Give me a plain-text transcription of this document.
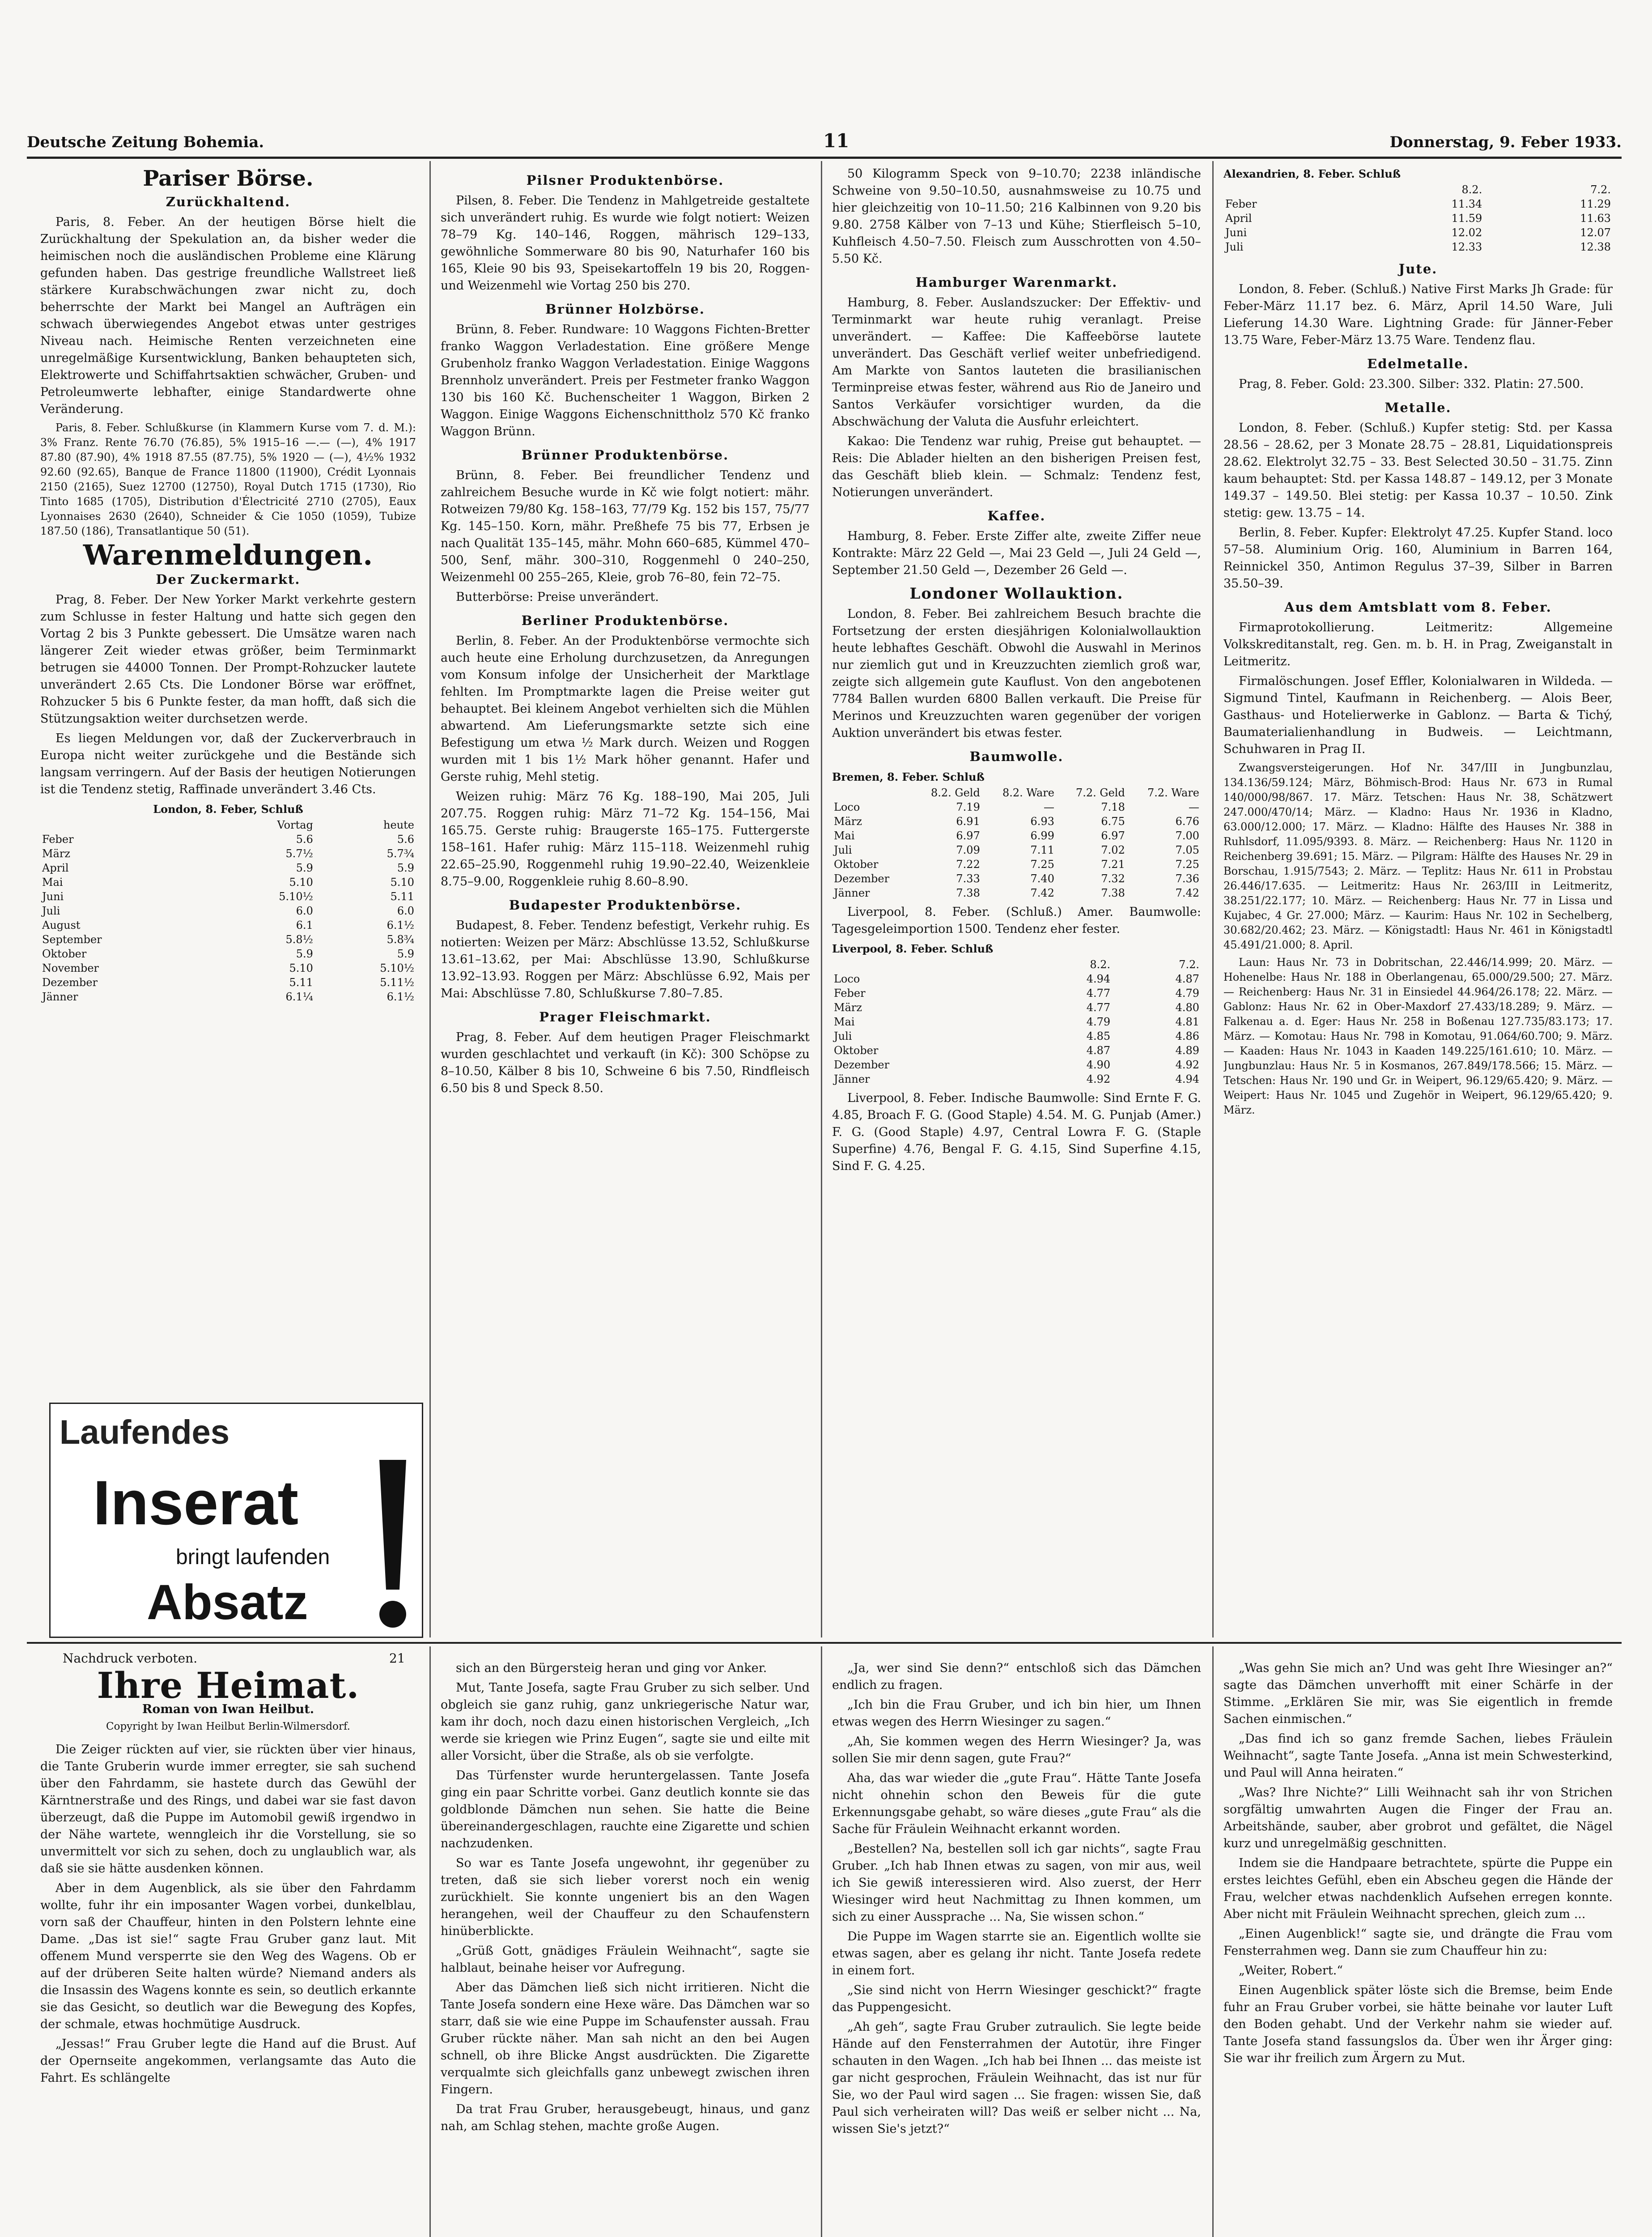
Deutsche Zeitung Bohemia.	11	Donnerstag, 9. Feber 1933.
Pariser Börse.
Zurückhaltend.

Paris, 8. Feber. An der heutigen Börse hielt die Zurückhaltung der Spekulation an, da bisher weder die heimischen noch die ausländischen Probleme eine Klärung gefunden haben. Das gestrige freundliche Wallstreet ließ stärkere Kurabschwächungen zwar nicht zu, doch beherrschte der Markt bei Mangel an Aufträgen ein schwach überwiegendes Angebot etwas unter gestriges Niveau nach. Heimische Renten verzeichneten eine unregelmäßige Kursentwicklung, Banken behaupteten sich, Elektrowerte und Schiffahrtsaktien schwächer, Gruben- und Petroleumwerte lebhafter, einige Standardwerte ohne Veränderung.

Paris, 8. Feber. Schlußkurse (in Klammern Kurse vom 7. d. M.): 3% Franz. Rente 76.70 (76.85), 5% 1915–16 —.— (—), 4% 1917 87.80 (87.90), 4% 1918 87.55 (87.75), 5% 1920 — (—), 4½% 1932 92.60 (92.65), Banque de France 11800 (11900), Crédit Lyonnais 2150 (2165), Suez 12700 (12750), Royal Dutch 1715 (1730), Rio Tinto 1685 (1705), Distribution d'Électricité 2710 (2705), Eaux Lyonnaises 2630 (2640), Schneider & Cie 1050 (1059), Tubize 187.50 (186), Transatlantique 50 (51).

Warenmeldungen.
Der Zuckermarkt.

Prag, 8. Feber. Der New Yorker Markt verkehrte gestern zum Schlusse in fester Haltung und hatte sich gegen den Vortag 2 bis 3 Punkte gebessert. Die Umsätze waren nach längerer Zeit wieder etwas größer, beim Terminmarkt betrugen sie 44000 Tonnen. Der Prompt-Rohzucker lautete unverändert 2.65 Cts. Die Londoner Börse war eröffnet, Rohzucker 5 bis 6 Punkte fester, da man hofft, daß sich die Stützungsaktion weiter durchsetzen werde.

Es liegen Meldungen vor, daß der Zuckerverbrauch in Europa nicht weiter zurückgehe und die Bestände sich langsam verringern. Auf der Basis der heutigen Notierungen ist die Tendenz stetig, Raffinade unverändert 3.46 Cts.

London, 8. Feber, Schluß
	Vortag	heute
Feber	5.6	5.6
März	5.7½	5.7¾
April	5.9	5.9
Mai	5.10	5.10
Juni	5.10½	5.11
Juli	6.0	6.0
August	6.1	6.1½
September	5.8½	5.8¾
Oktober	5.9	5.9
November	5.10	5.10½
Dezember	5.11	5.11½
Jänner	6.1¼	6.1½
Laufendes
Inserat
bringt laufenden
Absatz
Pilsner Produktenbörse.

Pilsen, 8. Feber. Die Tendenz in Mahlgetreide gestaltete sich unverändert ruhig. Es wurde wie folgt notiert: Weizen 78–79 Kg. 140–146, Roggen, mährisch 129–133, gewöhnliche Sommerware 80 bis 90, Naturhafer 160 bis 165, Kleie 90 bis 93, Speisekartoffeln 19 bis 20, Roggen- und Weizenmehl wie Vortag 250 bis 270.

Brünner Holzbörse.

Brünn, 8. Feber. Rundware: 10 Waggons Fichten-Bretter franko Waggon Verladestation. Eine größere Menge Grubenholz franko Waggon Verladestation. Einige Waggons Brennholz unverändert. Preis per Festmeter franko Waggon 130 bis 160 Kč. Buchenscheiter 1 Waggon, Birken 2 Waggon. Einige Waggons Eichenschnittholz 570 Kč franko Waggon Brünn.

Brünner Produktenbörse.

Brünn, 8. Feber. Bei freundlicher Tendenz und zahlreichem Besuche wurde in Kč wie folgt notiert: mähr. Rotweizen 79/80 Kg. 158–163, 77/79 Kg. 152 bis 157, 75/77 Kg. 145–150. Korn, mähr. Preßhefe 75 bis 77, Erbsen je nach Qualität 135–145, mähr. Mohn 660–685, Kümmel 470–500, Senf, mähr. 300–310, Roggenmehl 0 240–250, Weizenmehl 00 255–265, Kleie, grob 76–80, fein 72–75.

Butterbörse: Preise unverändert.

Berliner Produktenbörse.

Berlin, 8. Feber. An der Produktenbörse vermochte sich auch heute eine Erholung durchzusetzen, da Anregungen vom Konsum infolge der Unsicherheit der Marktlage fehlten. Im Promptmarkte lagen die Preise weiter gut behauptet. Bei kleinem Angebot verhielten sich die Mühlen abwartend. Am Lieferungsmarkte setzte sich eine Befestigung um etwa ½ Mark durch. Weizen und Roggen wurden mit 1 bis 1½ Mark höher genannt. Hafer und Gerste ruhig, Mehl stetig.

Weizen ruhig: März 76 Kg. 188–190, Mai 205, Juli 207.75. Roggen ruhig: März 71–72 Kg. 154–156, Mai 165.75. Gerste ruhig: Braugerste 165–175. Futtergerste 158–161. Hafer ruhig: März 115–118. Weizenmehl ruhig 22.65–25.90, Roggenmehl ruhig 19.90–22.40, Weizenkleie 8.75–9.00, Roggenkleie ruhig 8.60–8.90.

Budapester Produktenbörse.

Budapest, 8. Feber. Tendenz befestigt, Verkehr ruhig. Es notierten: Weizen per März: Abschlüsse 13.52, Schlußkurse 13.61–13.62, per Mai: Abschlüsse 13.90, Schlußkurse 13.92–13.93. Roggen per März: Abschlüsse 6.92, Mais per Mai: Abschlüsse 7.80, Schlußkurse 7.80–7.85.

Prager Fleischmarkt.

Prag, 8. Feber. Auf dem heutigen Prager Fleischmarkt wurden geschlachtet und verkauft (in Kč): 300 Schöpse zu 8–10.50, Kälber 8 bis 10, Schweine 6 bis 7.50, Rindfleisch 6.50 bis 8 und Speck 8.50.

50 Kilogramm Speck von 9–10.70; 2238 inländische Schweine von 9.50–10.50, ausnahmsweise zu 10.75 und hier gleichzeitig von 10–11.50; 216 Kalbinnen von 9.20 bis 9.80. 2758 Kälber von 7–13 und Kühe; Stierfleisch 5–10, Kuhfleisch 4.50–7.50. Fleisch zum Ausschrotten von 4.50–5.50 Kč.

Hamburger Warenmarkt.

Hamburg, 8. Feber. Auslandszucker: Der Effektiv- und Terminmarkt war heute ruhig veranlagt. Preise unverändert. — Kaffee: Die Kaffeebörse lautete unverändert. Das Geschäft verlief weiter unbefriedigend. Am Markte von Santos lauteten die brasilianischen Terminpreise etwas fester, während aus Rio de Janeiro und Santos Verkäufer vorsichtiger wurden, da die Abschwächung der Valuta die Ausfuhr erleichtert.

Kakao: Die Tendenz war ruhig, Preise gut behauptet. — Reis: Die Ablader hielten an den bisherigen Preisen fest, das Geschäft blieb klein. — Schmalz: Tendenz fest, Notierungen unverändert.

Kaffee.

Hamburg, 8. Feber. Erste Ziffer alte, zweite Ziffer neue Kontrakte: März 22 Geld —, Mai 23 Geld —, Juli 24 Geld —, September 21.50 Geld —, Dezember 26 Geld —.

Londoner Wollauktion.

London, 8. Feber. Bei zahlreichem Besuch brachte die Fortsetzung der ersten diesjährigen Kolonialwollauktion heute lebhaftes Geschäft. Obwohl die Auswahl in Merinos nur ziemlich gut und in Kreuzzuchten ziemlich groß war, zeigte sich allgemein gute Kauflust. Von den angebotenen 7784 Ballen wurden 6800 Ballen verkauft. Die Preise für Merinos und Kreuzzuchten waren gegenüber der vorigen Auktion unverändert bis etwas fester.

Baumwolle.
Bremen, 8. Feber. Schluß
	8.2. Geld	8.2. Ware	7.2. Geld	7.2. Ware
Loco	7.19	—	7.18	—
März	6.91	6.93	6.75	6.76
Mai	6.97	6.99	6.97	7.00
Juli	7.09	7.11	7.02	7.05
Oktober	7.22	7.25	7.21	7.25
Dezember	7.33	7.40	7.32	7.36
Jänner	7.38	7.42	7.38	7.42

Liverpool, 8. Feber. (Schluß.) Amer. Baumwolle: Tagesgeleimportion 1500. Tendenz eher fester.

Liverpool, 8. Feber. Schluß
	8.2.	7.2.
Loco	4.94	4.87
Feber	4.77	4.79
März	4.77	4.80
Mai	4.79	4.81
Juli	4.85	4.86
Oktober	4.87	4.89
Dezember	4.90	4.92
Jänner	4.92	4.94

Liverpool, 8. Feber. Indische Baumwolle: Sind Ernte F. G. 4.85, Broach F. G. (Good Staple) 4.54. M. G. Punjab (Amer.) F. G. (Good Staple) 4.97, Central Lowra F. G. (Staple Superfine) 4.76, Bengal F. G. 4.15, Sind Superfine 4.15, Sind F. G. 4.25.

Alexandrien, 8. Feber. Schluß
	8.2.	7.2.
Feber	11.34	11.29
April	11.59	11.63
Juni	12.02	12.07
Juli	12.33	12.38
Jute.

London, 8. Feber. (Schluß.) Native First Marks Jh Grade: für Feber-März 11.17 bez. 6. März, April 14.50 Ware, Juli Lieferung 14.30 Ware. Lightning Grade: für Jänner-Feber 13.75 Ware, Feber-März 13.75 Ware. Tendenz flau.

Edelmetalle.

Prag, 8. Feber. Gold: 23.300. Silber: 332. Platin: 27.500.

Metalle.

London, 8. Feber. (Schluß.) Kupfer stetig: Std. per Kassa 28.56 – 28.62, per 3 Monate 28.75 – 28.81, Liquidationspreis 28.62. Elektrolyt 32.75 – 33. Best Selected 30.50 – 31.75. Zinn kaum behauptet: Std. per Kassa 148.87 – 149.12, per 3 Monate 149.37 – 149.50. Blei stetig: per Kassa 10.37 – 10.50. Zink stetig: gew. 13.75 – 14.

Berlin, 8. Feber. Kupfer: Elektrolyt 47.25. Kupfer Stand. loco 57–58. Aluminium Orig. 160, Aluminium in Barren 164, Reinnickel 350, Antimon Regulus 37–39, Silber in Barren 35.50–39.

Aus dem Amtsblatt vom 8. Feber.

Firmaprotokollierung. Leitmeritz: Allgemeine Volkskreditanstalt, reg. Gen. m. b. H. in Prag, Zweiganstalt in Leitmeritz.

Firmalöschungen. Josef Effler, Kolonialwaren in Wildeda. — Sigmund Tintel, Kaufmann in Reichenberg. — Alois Beer, Gasthaus- und Hotelierwerke in Gablonz. — Barta & Tichý, Baumaterialienhandlung in Budweis. — Leichtmann, Schuhwaren in Prag II.

Zwangsversteigerungen. Hof Nr. 347/III in Jungbunzlau, 134.136/59.124; März, Böhmisch-Brod: Haus Nr. 673 in Rumal 140/000/98/867. 17. März. Tetschen: Haus Nr. 38, Schätzwert 247.000/470/14; März. — Kladno: Haus Nr. 1936 in Kladno, 63.000/12.000; 17. März. — Kladno: Hälfte des Hauses Nr. 388 in Ruhlsdorf, 11.095/9393. 8. März. — Reichenberg: Haus Nr. 1120 in Reichenberg 39.691; 15. März. — Pilgram: Hälfte des Hauses Nr. 29 in Borschau, 1.915/7543; 2. März. — Teplitz: Haus Nr. 611 in Probstau 26.446/17.635. — Leitmeritz: Haus Nr. 263/III in Leitmeritz, 38.251/22.177; 10. März. — Reichenberg: Haus Nr. 77 in Lissa und Kujabec, 4 Gr. 27.000; März. — Kaurim: Haus Nr. 102 in Sechelberg, 30.682/20.462; 23. März. — Königstadtl: Haus Nr. 461 in Königstadtl 45.491/21.000; 8. April.

Laun: Haus Nr. 73 in Dobritschan, 22.446/14.999; 20. März. — Hohenelbe: Haus Nr. 188 in Oberlangenau, 65.000/29.500; 27. März. — Reichenberg: Haus Nr. 31 in Einsiedel 44.964/26.178; 22. März. — Gablonz: Haus Nr. 62 in Ober-Maxdorf 27.433/18.289; 9. März. — Falkenau a. d. Eger: Haus Nr. 258 in Boßenau 127.735/83.173; 17. März. — Komotau: Haus Nr. 798 in Komotau, 91.064/60.700; 9. März. — Kaaden: Haus Nr. 1043 in Kaaden 149.225/161.610; 10. März. — Jungbunzlau: Haus Nr. 5 in Kosmanos, 267.849/178.566; 15. März. — Tetschen: Haus Nr. 190 und Gr. in Weipert, 96.129/65.420; 9. März. — Weipert: Haus Nr. 1045 und Zugehör in Weipert, 96.129/65.420; 9. März.

Nachdruck verboten.	21
Ihre Heimat.
Roman von Iwan Heilbut.
Copyright by Iwan Heilbut Berlin-Wilmersdorf.

Die Zeiger rückten auf vier, sie rückten über vier hinaus, die Tante Gruberin wurde immer erregter, sie sah suchend über den Fahrdamm, sie hastete durch das Gewühl der Kärntnerstraße und des Rings, und dabei war sie fast davon überzeugt, daß die Puppe im Automobil gewiß irgendwo in der Nähe wartete, wenngleich ihr die Vorstellung, sie so unvermittelt vor sich zu sehen, doch zu unglaublich war, als daß sie sie hätte ausdenken können.

Aber in dem Augenblick, als sie über den Fahrdamm wollte, fuhr ihr ein imposanter Wagen vorbei, dunkelblau, vorn saß der Chauffeur, hinten in den Polstern lehnte eine Dame. „Das ist sie!“ sagte Frau Gruber ganz laut. Mit offenem Mund versperrte sie den Weg des Wagens. Ob er auf der drüberen Seite halten würde? Niemand anders als die Insassin des Wagens konnte es sein, so deutlich erkannte sie das Gesicht, so deutlich war die Bewegung des Kopfes, der schmale, etwas hochmütige Ausdruck.

„Jessas!“ Frau Gruber legte die Hand auf die Brust. Auf der Opernseite angekommen, verlangsamte das Auto die Fahrt. Es schlängelte

sich an den Bürgersteig heran und ging vor Anker.

Mut, Tante Josefa, sagte Frau Gruber zu sich selber. Und obgleich sie ganz ruhig, ganz unkriegerische Natur war, kam ihr doch, noch dazu einen historischen Vergleich, „Ich werde sie kriegen wie Prinz Eugen“, sagte sie und eilte mit aller Vorsicht, über die Straße, als ob sie verfolgte.

Das Türfenster wurde heruntergelassen. Tante Josefa ging ein paar Schritte vorbei. Ganz deutlich konnte sie das goldblonde Dämchen nun sehen. Sie hatte die Beine übereinandergeschlagen, rauchte eine Zigarette und schien nachzudenken.

So war es Tante Josefa ungewohnt, ihr gegenüber zu treten, daß sie sich lieber vorerst noch ein wenig zurückhielt. Sie konnte ungeniert bis an den Wagen herangehen, weil der Chauffeur zu den Schaufenstern hinüberblickte.

„Grüß Gott, gnädiges Fräulein Weihnacht“, sagte sie halblaut, beinahe heiser vor Aufregung.

Aber das Dämchen ließ sich nicht irritieren. Nicht die Tante Josefa sondern eine Hexe wäre. Das Dämchen war so starr, daß sie wie eine Puppe im Schaufenster aussah. Frau Gruber rückte näher. Man sah nicht an den bei Augen schnell, ob ihre Blicke Angst ausdrückten. Die Zigarette verqualmte sich gleichfalls ganz unbewegt zwischen ihren Fingern.

Da trat Frau Gruber, herausgebeugt, hinaus, und ganz nah, am Schlag stehen, machte große Augen.

„Ja, wer sind Sie denn?“ entschloß sich das Dämchen endlich zu fragen.

„Ich bin die Frau Gruber, und ich bin hier, um Ihnen etwas wegen des Herrn Wiesinger zu sagen.“

„Ah, Sie kommen wegen des Herrn Wiesinger? Ja, was sollen Sie mir denn sagen, gute Frau?“

Aha, das war wieder die „gute Frau“. Hätte Tante Josefa nicht ohnehin schon den Beweis für die gute Erkennungsgabe gehabt, so wäre dieses „gute Frau“ als die Sache für Fräulein Weihnacht erkannt worden.

„Bestellen? Na, bestellen soll ich gar nichts“, sagte Frau Gruber. „Ich hab Ihnen etwas zu sagen, von mir aus, weil ich Sie gewiß interessieren wird. Also zuerst, der Herr Wiesinger wird heut Nachmittag zu Ihnen kommen, um sich zu einer Aussprache ... Na, Sie wissen schon.“

Die Puppe im Wagen starrte sie an. Eigentlich wollte sie etwas sagen, aber es gelang ihr nicht. Tante Josefa redete in einem fort.

„Sie sind nicht von Herrn Wiesinger geschickt?“ fragte das Puppengesicht.

„Ah geh“, sagte Frau Gruber zutraulich. Sie legte beide Hände auf den Fensterrahmen der Autotür, ihre Finger schauten in den Wagen. „Ich hab bei Ihnen ... das meiste ist gar nicht gesprochen, Fräulein Weihnacht, das ist nur für Sie, wo der Paul wird sagen ... Sie fragen: wissen Sie, daß Paul sich verheiraten will? Das weiß er selber nicht ... Na, wissen Sie's jetzt?“

„Was gehn Sie mich an? Und was geht Ihre Wiesinger an?“ sagte das Dämchen unverhofft mit einer Schärfe in der Stimme. „Erklären Sie mir, was Sie eigentlich in fremde Sachen einmischen.“

„Das find ich so ganz fremde Sachen, liebes Fräulein Weihnacht“, sagte Tante Josefa. „Anna ist mein Schwesterkind, und Paul will Anna heiraten.“

„Was? Ihre Nichte?“ Lilli Weihnacht sah ihr von Strichen sorgfältig umwahrten Augen die Finger der Frau an. Arbeitshände, sauber, aber grobrot und gefältet, die Nägel kurz und unregelmäßig geschnitten.

Indem sie die Handpaare betrachtete, spürte die Puppe ein erstes leichtes Gefühl, eben ein Abscheu gegen die Hände der Frau, welcher etwas nachdenklich Aufsehen erregen konnte. Aber nicht mit Fräulein Weihnacht sprechen, gleich zum ...

„Einen Augenblick!“ sagte sie, und drängte die Frau vom Fensterrahmen weg. Dann sie zum Chauffeur hin zu:

„Weiter, Robert.“

Einen Augenblick später löste sich die Bremse, beim Ende fuhr an Frau Gruber vorbei, sie hätte beinahe vor lauter Luft den Boden gehabt. Und der Verkehr nahm sie wieder auf. Tante Josefa stand fassungslos da. Über wen ihr Ärger ging: Sie war ihr freilich zum Ärgern zu Mut.
